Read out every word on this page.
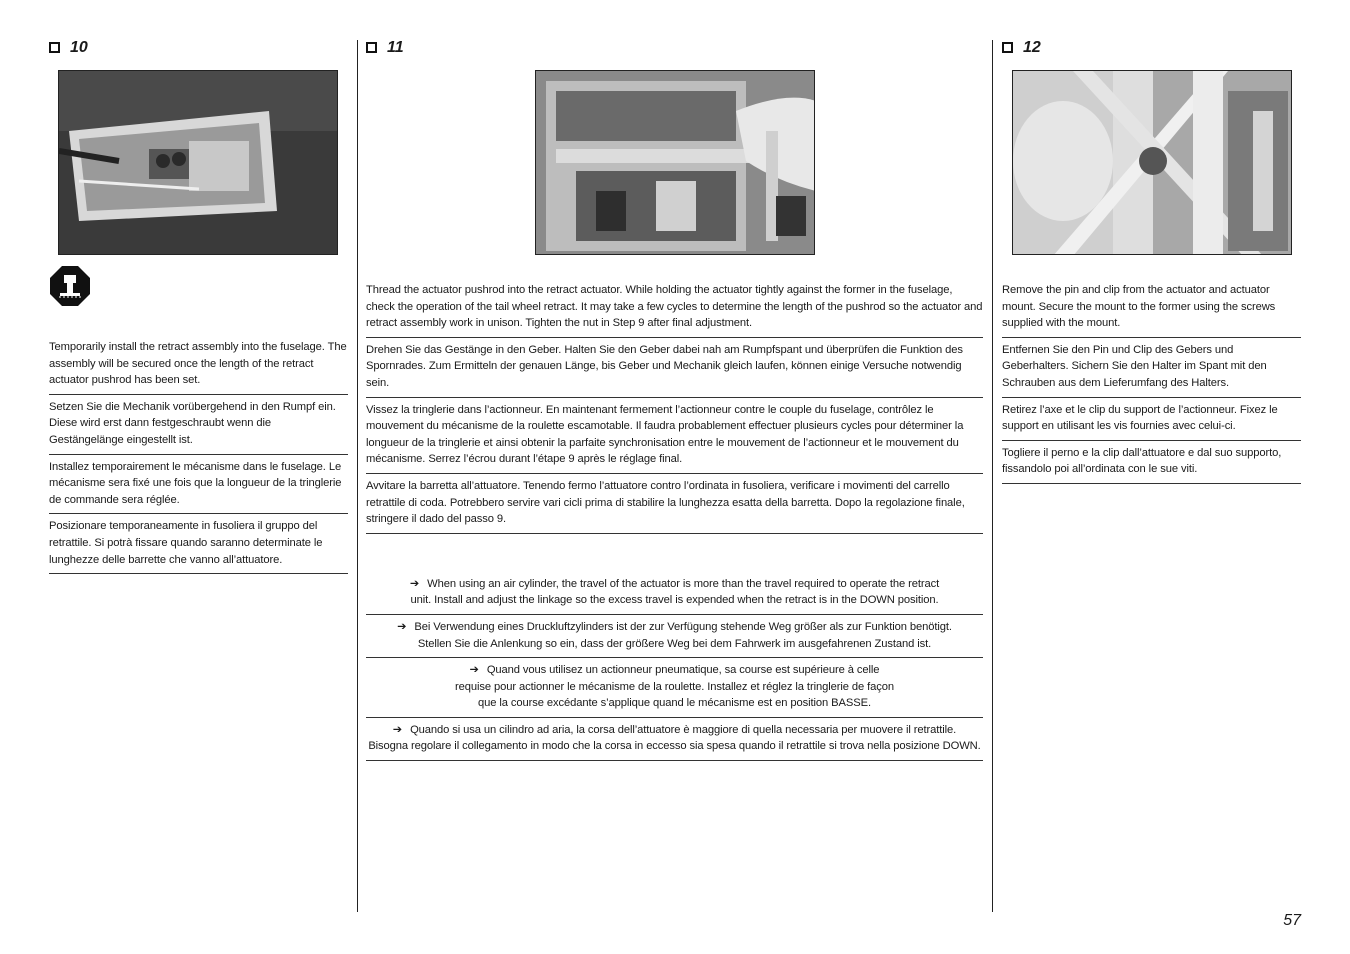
10

Temporarily install the retract assembly into the fuselage. The assembly will be secured once the length of the retract actuator pushrod has been set.

Setzen Sie die Mechanik vorübergehend in den Rumpf ein. Diese wird erst dann festgeschraubt wenn die Gestängelänge eingestellt ist.

Installez temporairement le mécanisme dans le fuselage. Le mécanisme sera fixé une fois que la longueur de la tringlerie de commande sera réglée.

Posizionare temporaneamente in fusoliera il gruppo del retrattile. Si potrà fissare quando saranno determinate le lunghezze delle barrette che vanno all’attuatore.

11

Thread the actuator pushrod into the retract actuator. While holding the actuator tightly against the former in the fuselage, check the operation of the tail wheel retract. It may take a few cycles to determine the length of the pushrod so the actuator and retract assembly work in unison. Tighten the nut in Step 9 after final adjustment.

Drehen Sie das Gestänge in den Geber. Halten Sie den Geber dabei nah am Rumpfspant und überprüfen die Funktion des Spornrades. Zum Ermitteln der genauen Länge, bis Geber und Mechanik gleich laufen, können einige Versuche notwendig sein.

Vissez la tringlerie dans l’actionneur. En maintenant fermement l’actionneur contre le couple du fuselage, contrôlez le mouvement du mécanisme de la roulette escamotable. Il faudra probablement effectuer plusieurs cycles pour déterminer la longueur de la tringlerie et ainsi obtenir la parfaite synchronisation entre le mouvement de l’actionneur et le mouvement du mécanisme. Serrez l’écrou durant l’étape 9 après le réglage final.

Avvitare la barretta all’attuatore. Tenendo fermo l’attuatore contro l’ordinata in fusoliera, verificare i movimenti del carrello retrattile di coda. Potrebbero servire vari cicli prima di stabilire la lunghezza esatta della barretta. Dopo la regolazione finale, stringere il dado del passo 9.

➔ When using an air cylinder, the travel of the actuator is more than the travel required to operate the retract
unit. Install and adjust the linkage so the excess travel is expended when the retract is in the DOWN position.
➔ Bei Verwendung eines Druckluftzylinders ist der zur Verfügung stehende Weg größer als zur Funktion benötigt.
Stellen Sie die Anlenkung so ein, dass der größere Weg bei dem Fahrwerk im ausgefahrenen Zustand ist.
➔ Quand vous utilisez un actionneur pneumatique, sa course est supérieure à celle
requise pour actionner le mécanisme de la roulette. Installez et réglez la tringlerie de façon
que la course excédante s’applique quand le mécanisme est en position BASSE.
➔ Quando si usa un cilindro ad aria, la corsa dell’attuatore è maggiore di quella necessaria per muovere il retrattile.
Bisogna regolare il collegamento in modo che la corsa in eccesso sia spesa quando il retrattile si trova nella posizione DOWN.
12

Remove the pin and clip from the actuator and actuator mount. Secure the mount to the former using the screws supplied with the mount.

Entfernen Sie den Pin und Clip des Gebers und Geberhalters. Sichern Sie den Halter im Spant mit den Schrauben aus dem Lieferumfang des Halters.

Retirez l’axe et le clip du support de l’actionneur. Fixez le support en utilisant les vis fournies avec celui-ci.

Togliere il perno e la clip dall’attuatore e dal suo supporto, fissandolo poi all’ordinata con le sue viti.

57
